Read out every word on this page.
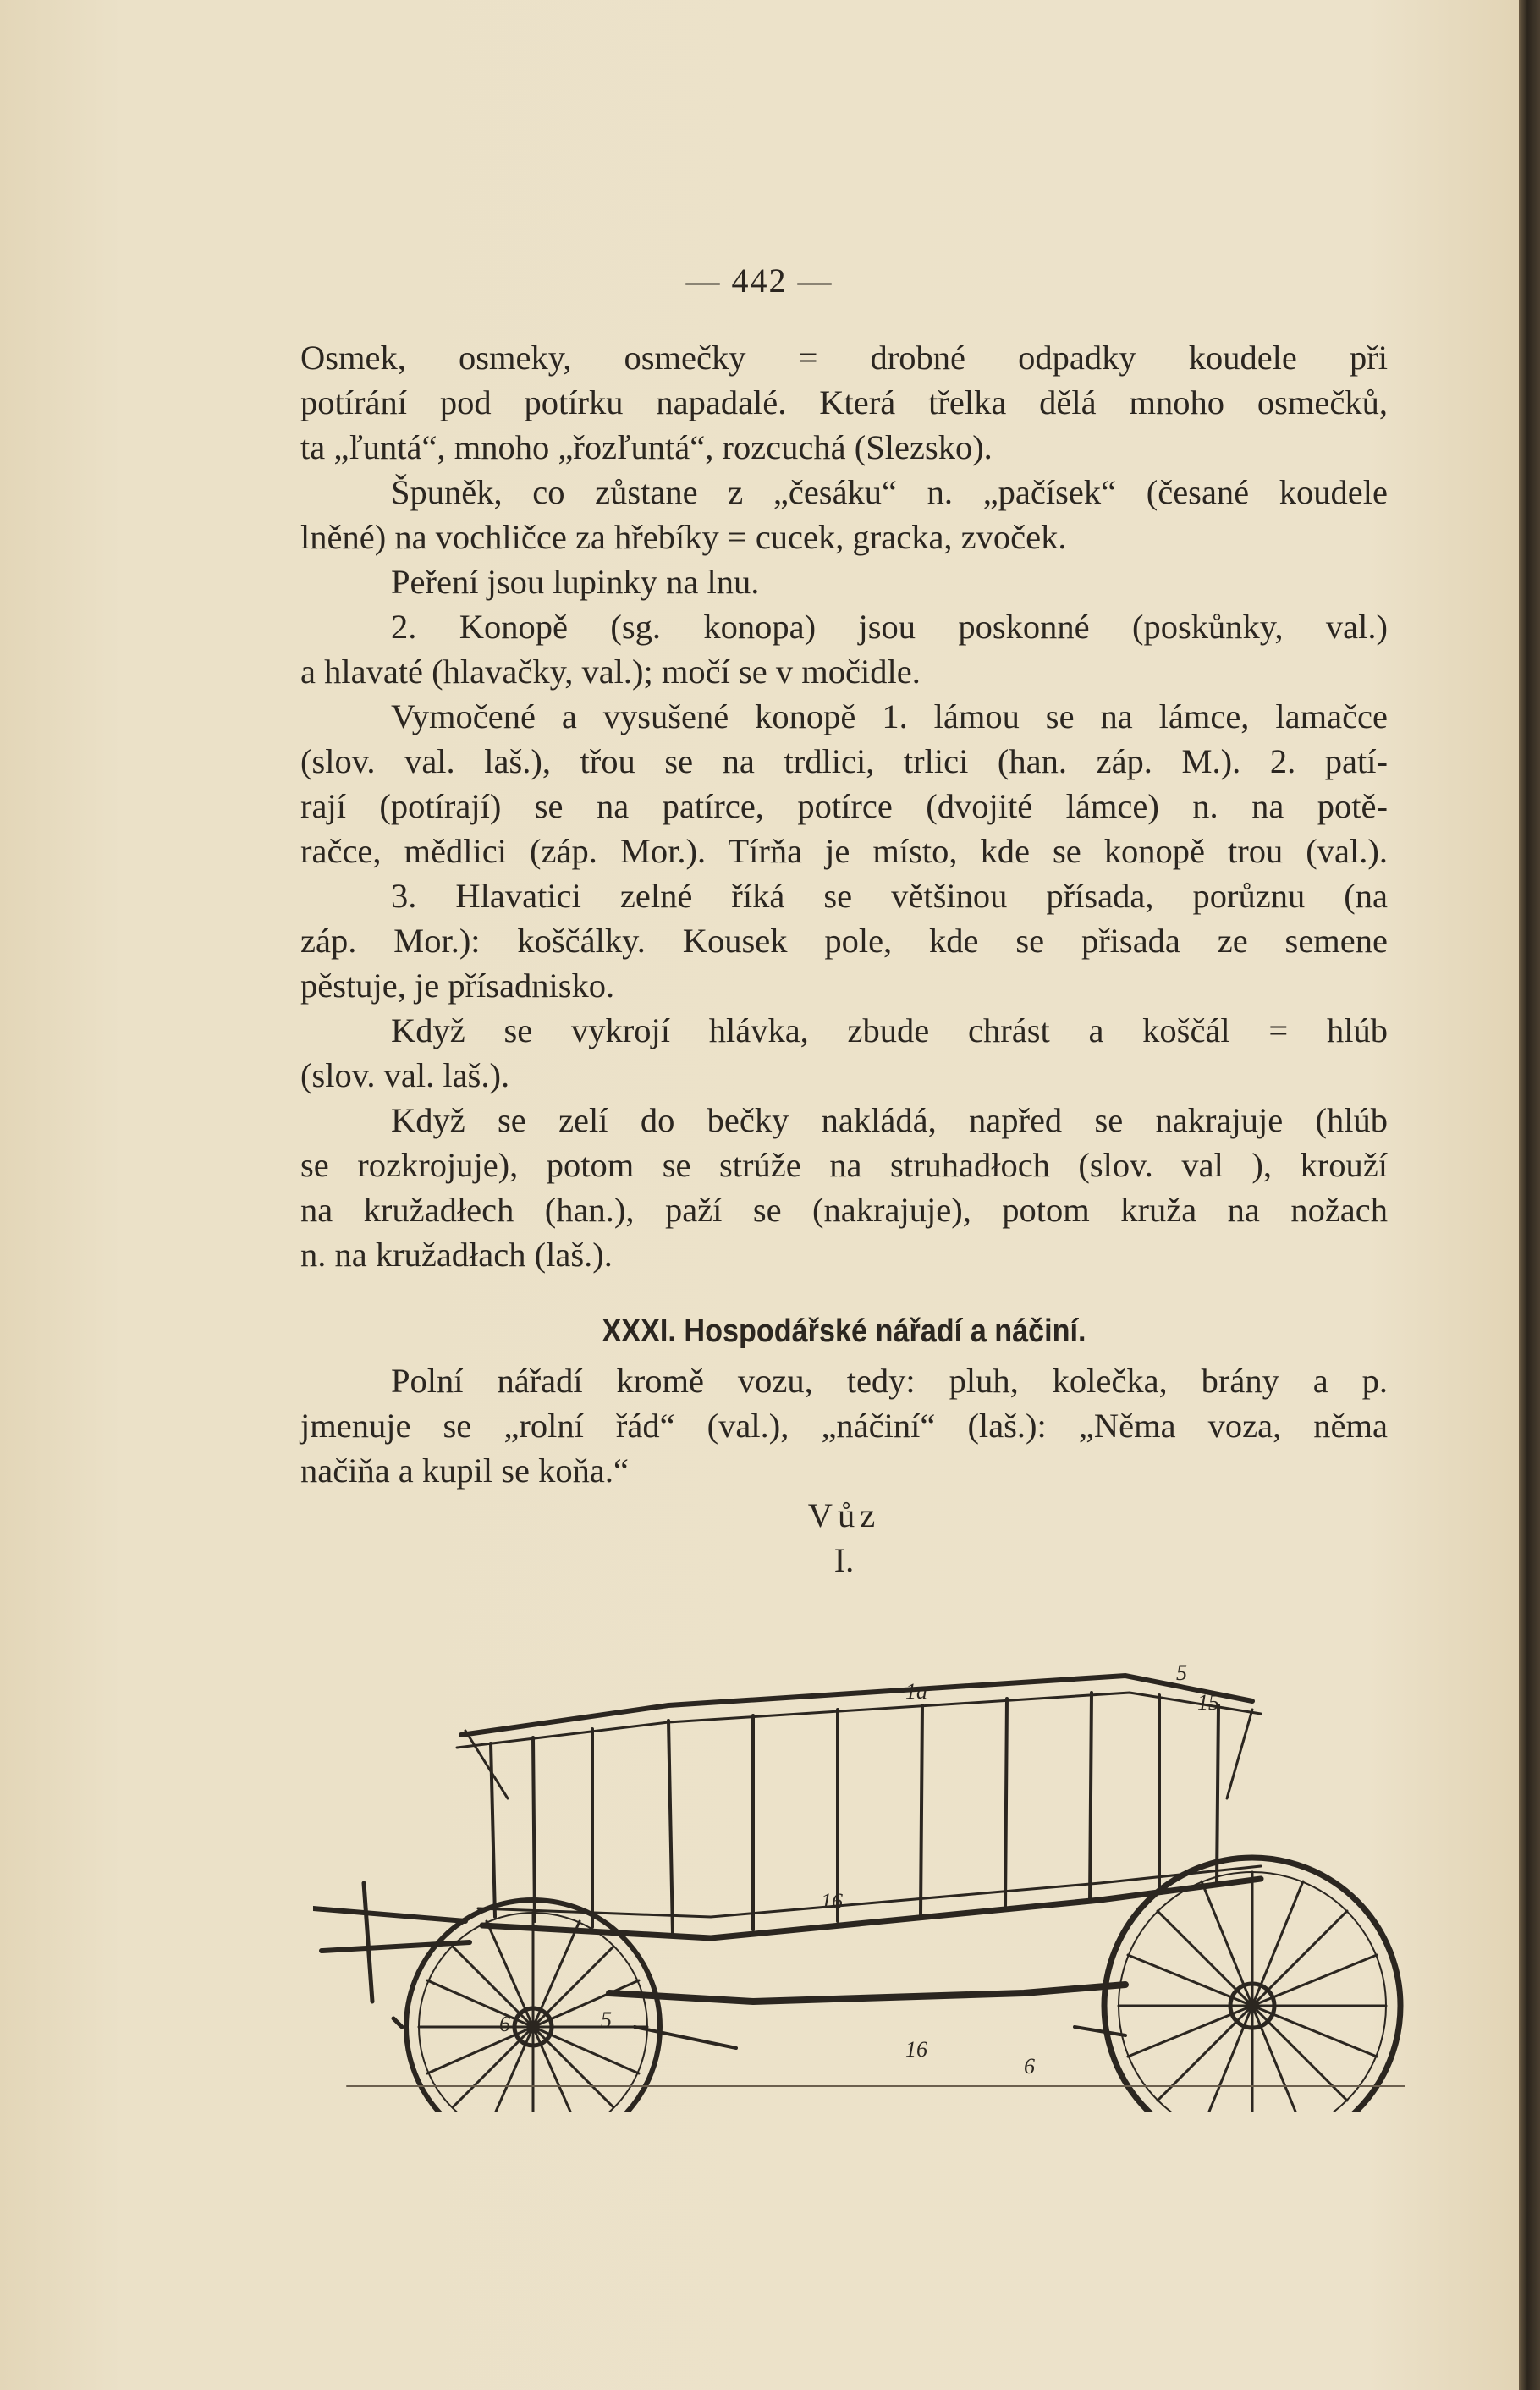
— 442 —
Osmek, osmeky, osmečky = drobné odpadky koudele při
potírání pod potírku napadalé. Která třelka dělá mnoho osmečků,
ta „ľuntá“, mnoho „řozľuntá“, rozcuchá (Slezsko).
Špuněk, co zůstane z „česáku“ n. „pačísek“ (česané koudele
lněné) na vochličce za hřebíky = cucek, gracka, zvoček.
Peření jsou lupinky na lnu.
2. Konopě (sg. konopa) jsou poskonné (poskůnky, val.)
a hlavaté (hlavačky, val.); močí se v močidle.
Vymočené a vysušené konopě 1. lámou se na lámce, lamačce
(slov. val. laš.), třou se na trdlici, trlici (han. záp. M.). 2. patí-
rají (potírají) se na patírce, potírce (dvojité lámce) n. na potě-
račce, mědlici (záp. Mor.). Tírňa je místo, kde se konopě trou (val.).
3. Hlavatici zelné říká se většinou přísada, porůznu (na
záp. Mor.): koščálky. Kousek pole, kde se přisada ze semene
pěstuje, je přísadnisko.
Když se vykrojí hlávka, zbude chrást a koščál = hlúb
(slov. val. laš.).
Když se zelí do bečky nakládá, napřed se nakrajuje (hlúb
se rozkrojuje), potom se strúže na struhadłoch (slov. val ), krouží
na kružadłech (han.), paží se (nakrajuje), potom kruža na nožach
n. na kružadłach (laš.).
XXXI. Hospodářské nářadí a náčiní.
Polní nářadí kromě vozu, tedy: pluh, kolečka, brány a p.
jmenuje se „rolní řád“ (val.), „náčiní“ (laš.): „Něma voza, něma
načiňa a kupil se koňa.“
Vůz
I.
1a
5
15
16
6	5
16
6
